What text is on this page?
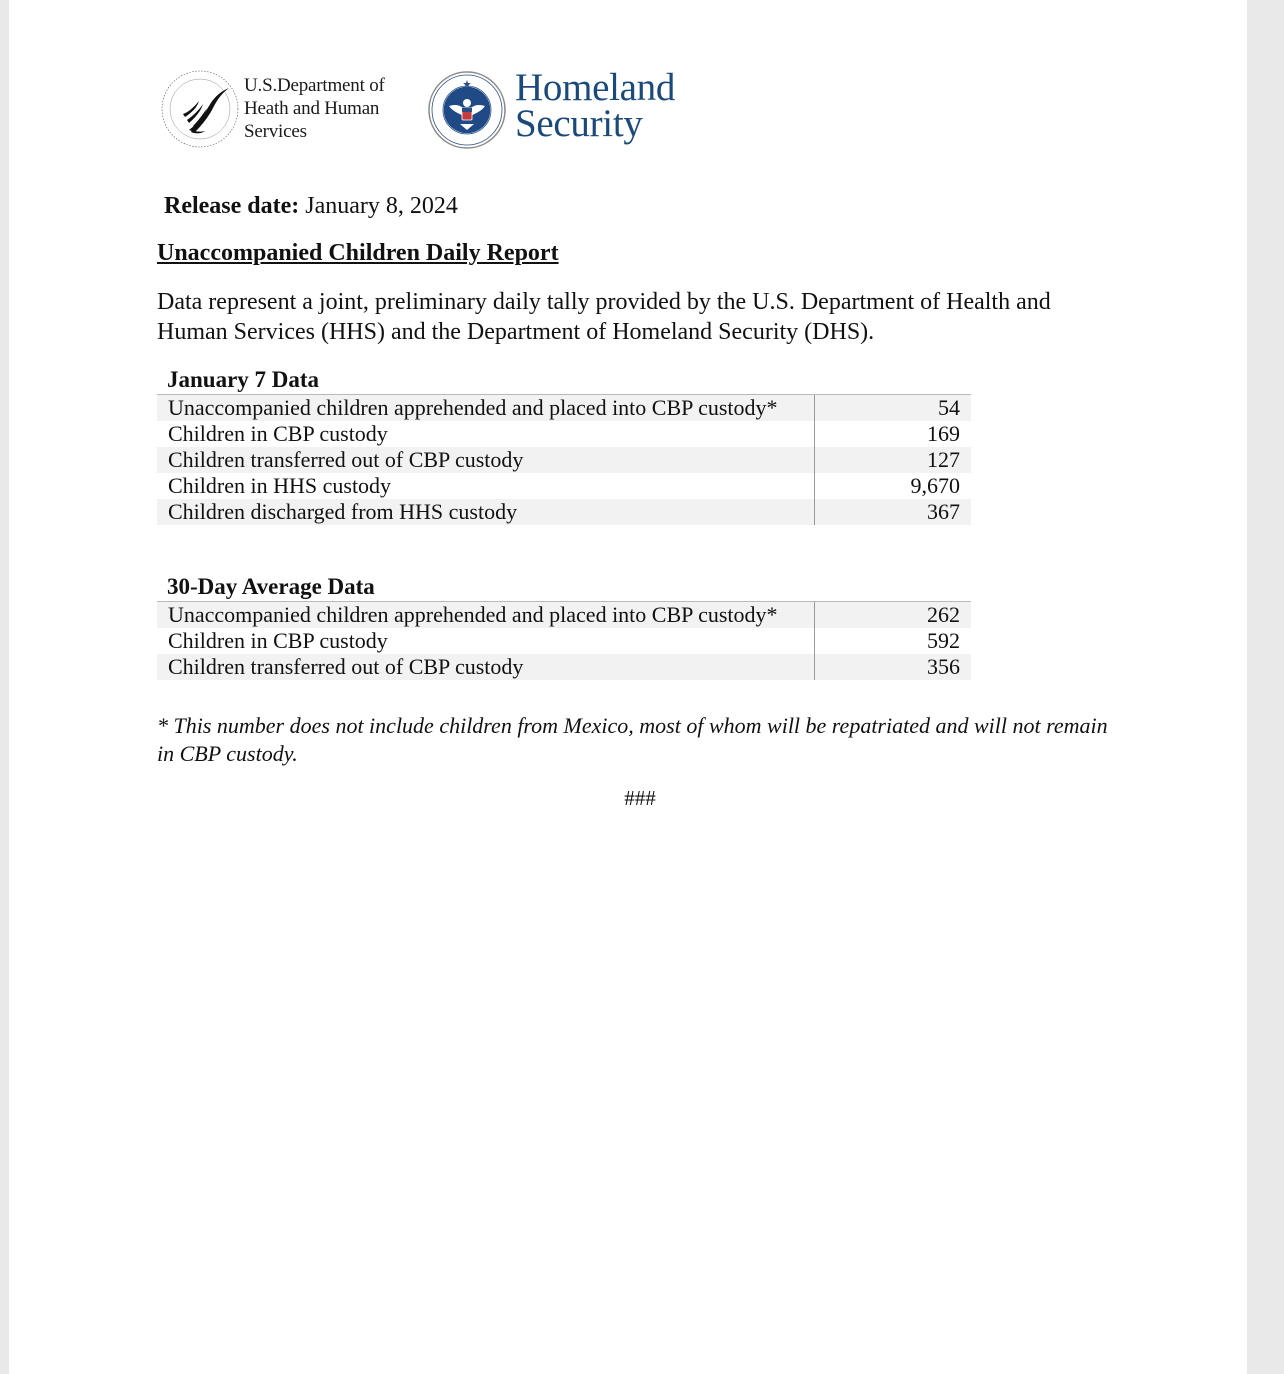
U.S.Department of
Heath and Human
Services
Homeland
Security
Release date: January 8, 2024
Unaccompanied Children Daily Report
Data represent a joint, preliminary daily tally provided by the U.S. Department of Health and Human Services (HHS) and the Department of Homeland Security (DHS).
January 7 Data
Unaccompanied children apprehended and placed into CBP custody*	54
Children in CBP custody	169
Children transferred out of CBP custody	127
Children in HHS custody	9,670
Children discharged from HHS custody	367
30-Day Average Data
Unaccompanied children apprehended and placed into CBP custody*	262
Children in CBP custody	592
Children transferred out of CBP custody	356
* This number does not include children from Mexico, most of whom will be repatriated and will not remain in CBP custody.
###
